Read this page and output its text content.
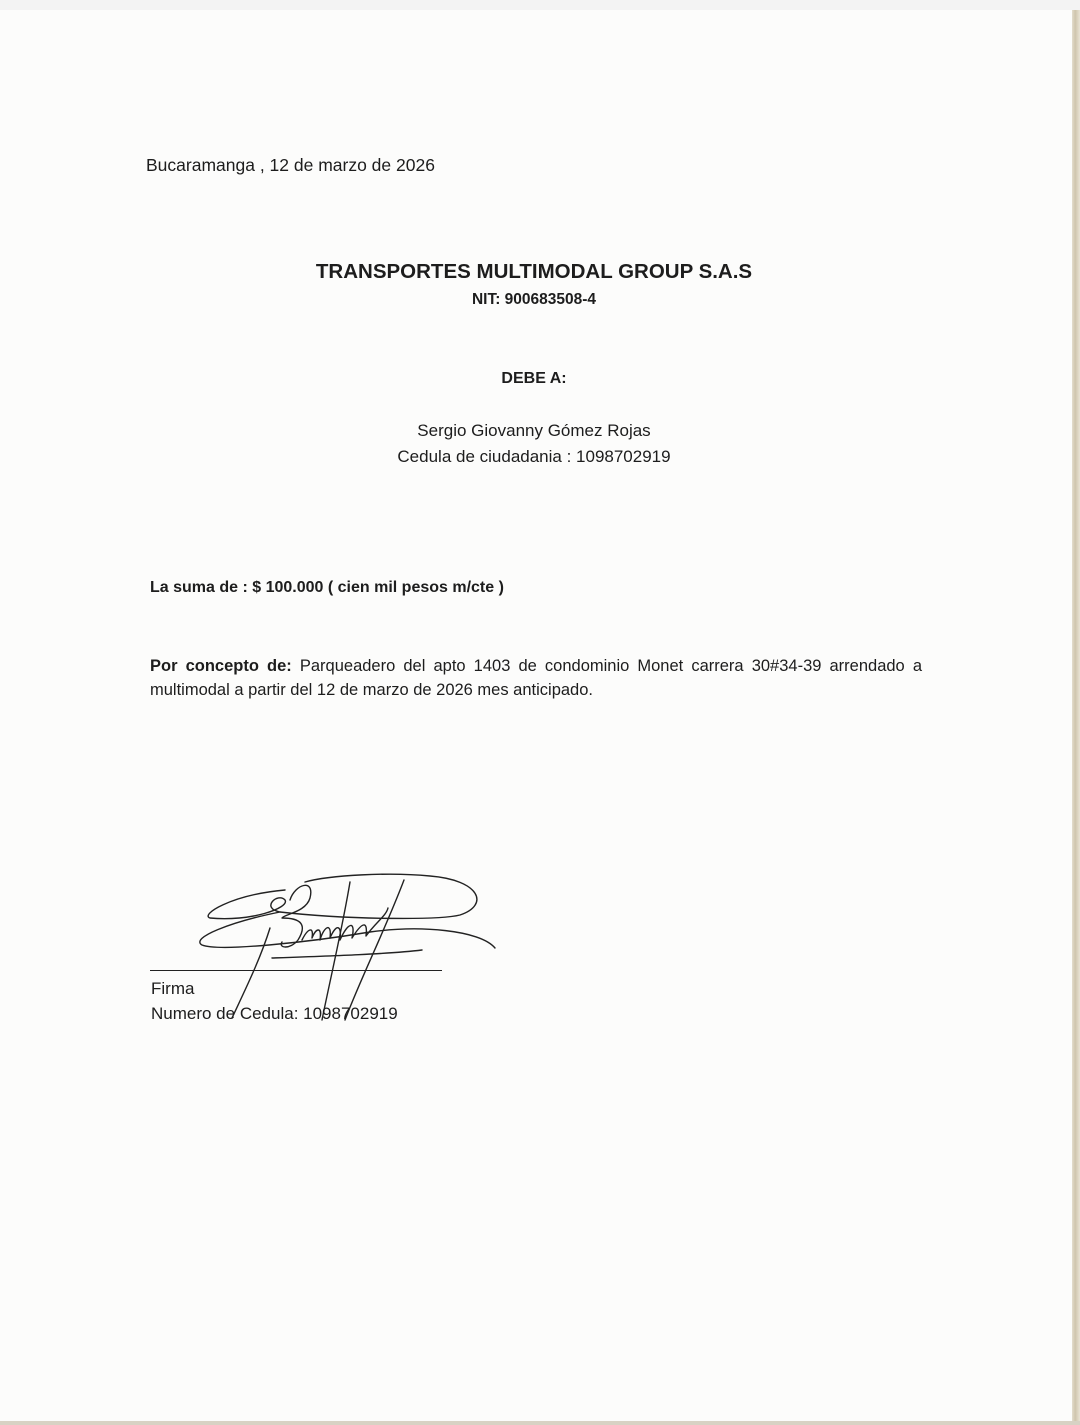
Bucaramanga , 12 de marzo de 2026
TRANSPORTES MULTIMODAL GROUP S.A.S
NIT: 900683508-4
DEBE A:
Sergio Giovanny Gómez Rojas
Cedula de ciudadania : 1098702919
La suma de : $ 100.000 ( cien mil pesos m/cte )
Por concepto de: Parqueadero del apto 1403 de condominio Monet carrera 30#34-39 arrendado a multimodal a partir del 12 de marzo de 2026 mes anticipado.
Firma
Numero de Cedula: 1098702919
